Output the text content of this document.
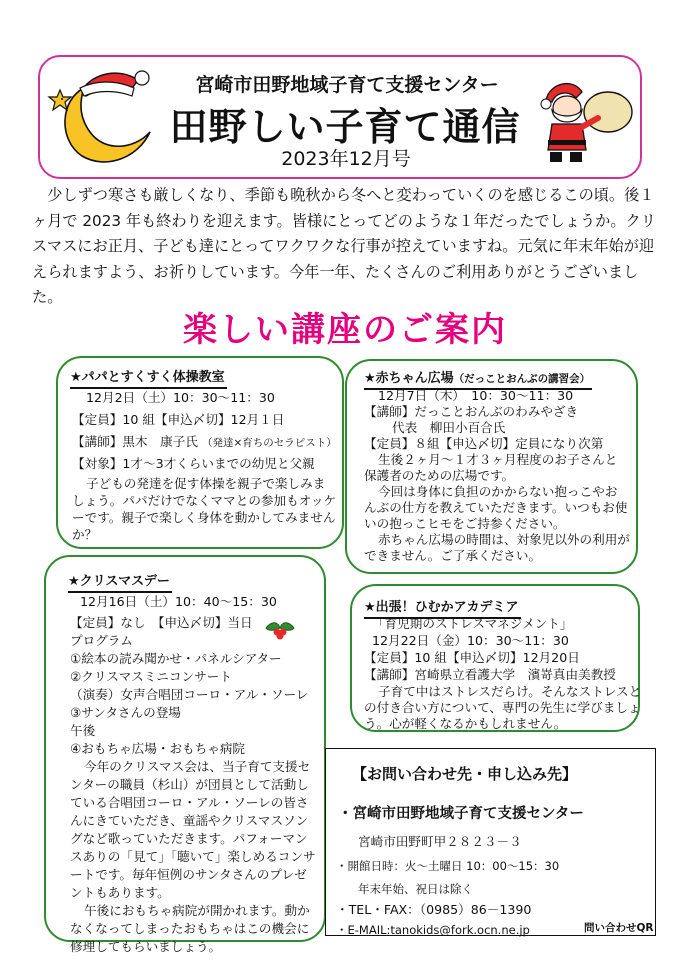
宮崎市田野地域子育て支援センター
田野しい子育て通信
2023年12月号
少しずつ寒さも厳しくなり、季節も晩秋から冬へと変わっていくのを感じるこの頃。後１ヶ月で 2023 年も終わりを迎えます。皆様にとってどのような１年だったでしょうか。クリスマスにお正月、子ども達にとってワクワクな行事が控えていますね。元気に年末年始が迎えられますよう、お祈りしています。今年一年、たくさんのご利用ありがとうございました。
楽しい講座のご案内
★パパとすくすく体操教室
12月2日（土）10：30～11：30
【定員】10 組【申込〆切】12月１日
【講師】黒木　康子氏 （発達×育ちのセラピスト）
【対象】1才～3才くらいまでの幼児と父親
子どもの発達を促す体操を親子で楽しみま
しょう。パパだけでなくママとの参加もオッケ
ーです。親子で楽しく身体を動かしてみません
か？
★赤ちゃん広場（だっことおんぶの講習会）
12月7日（木）　10：30～11：30
【講師】だっことおんぶのわみやざき
代表　柳田小百合氏
【定員】８組【申込〆切】定員になり次第
生後２ヶ月～１才３ヶ月程度のお子さんと
保護者のための広場です。
今回は身体に負担のかからない抱っこやお
んぶの仕方を教えていただきます。いつもお使
いの抱っこヒモをご持参ください。
赤ちゃん広場の時間は、対象児以外の利用が
できません。ご了承ください。
★クリスマスデー
12月16日（土）10：40～15：30
【定員】なし　【申込〆切】当日
プログラム
①絵本の読み聞かせ・パネルシアター
②クリスマスミニコンサート
（演奏）女声合唱団コーロ・アル・ソーレ
③サンタさんの登場
午後
④おもちゃ広場・おもちゃ病院
今年のクリスマス会は、当子育て支援セ
ンターの職員（杉山）が団員として活動し
ている合唱団コーロ・アル・ソーレの皆さ
んにきていただき、童謡やクリスマスソン
グなど歌っていただきます。パフォーマン
スありの「見て」「聴いて」楽しめるコンサ
ートです。毎年恒例のサンタさんのプレゼ
ントもあります。
午後におもちゃ病院が開かれます。動か
なくなってしまったおもちゃはこの機会に
修理してもらいましょう。
★出張！ひむかアカデミア
「育児期のストレスマネジメント」
12月22日（金）10：30～11：30
【定員】10 組【申込〆切】12月20日
【講師】宮崎県立看護大学　濱嵜真由美教授
子育て中はストレスだらけ。そんなストレスと
の付き合い方について、専門の先生に学びましょ
う。心が軽くなるかもしれません。
【お問い合わせ先・申し込み先】
・宮崎市田野地域子育て支援センター
宮崎市田野町甲２８２３－３
・開館日時：火～土曜日 10：00～15：30
年末年始、祝日は除く
・TEL・FAX：（0985）86－1390
・E-MAIL:tanokids@fork.ocn.ne.jp	問い合わせQR
